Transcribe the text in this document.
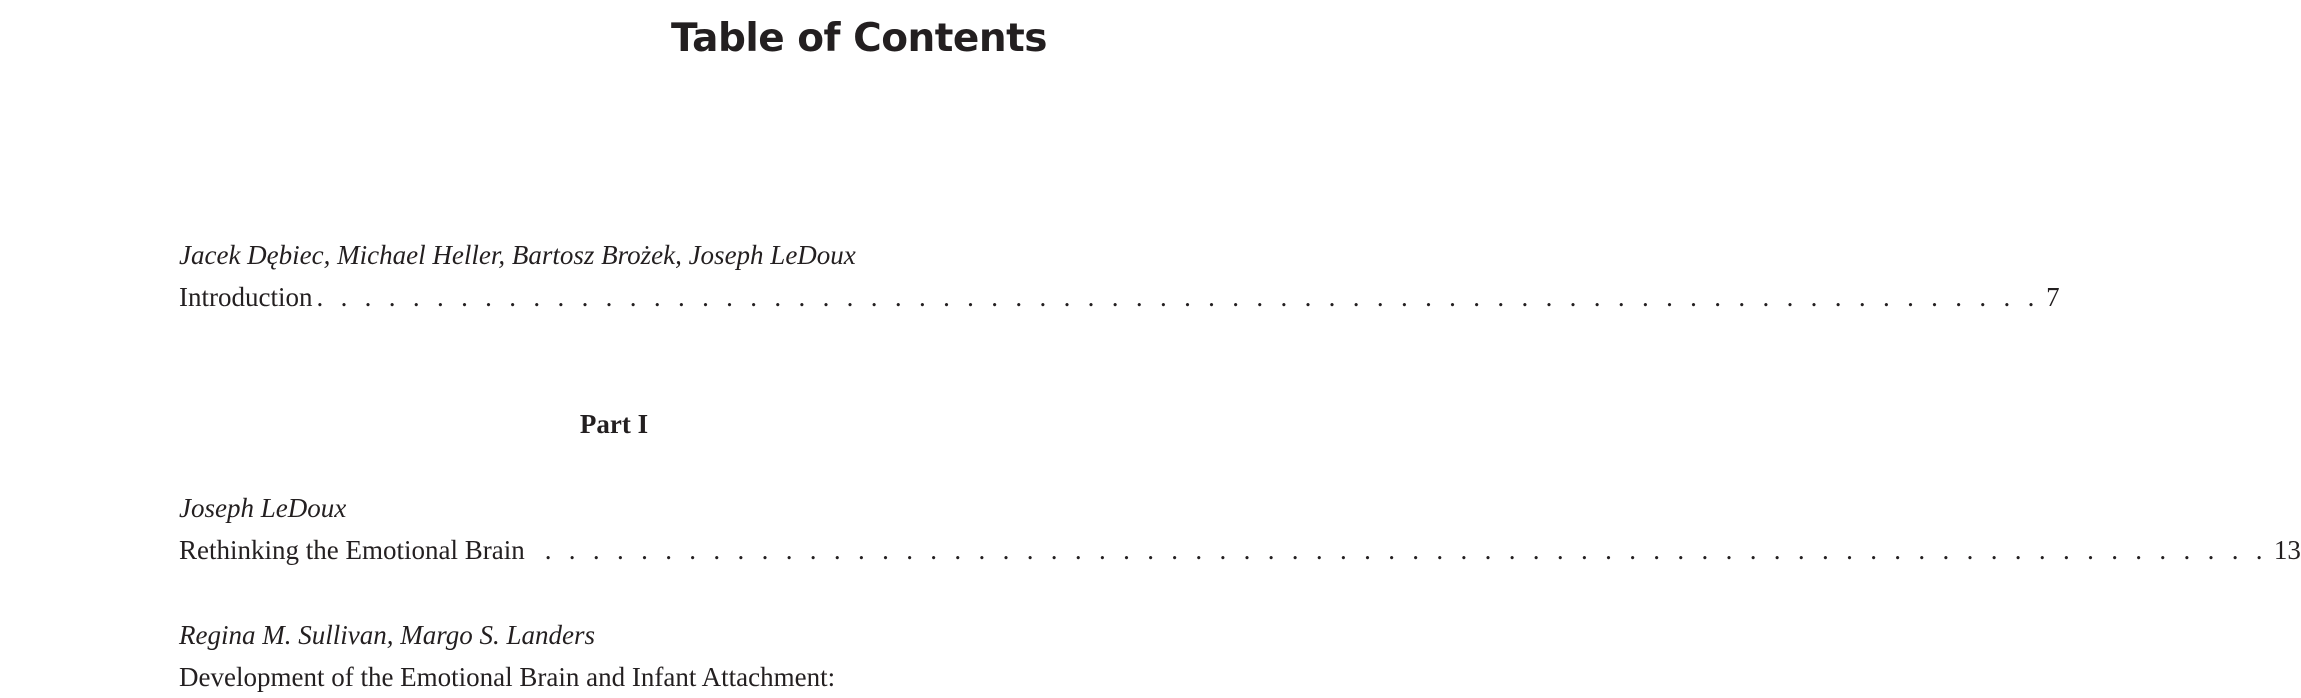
Table of Contents
Jacek Dębiec, Michael Heller, Bartosz Brożek, Joseph LeDoux
Introduction . . . . . . . . . . . . . . . . . . . . . . . . . . . . . . . . . . . . . . . . . . . . . . . . . . . . . . . . . . . . . . . . . . . . . . . . 7
Part I
Joseph LeDoux
Rethinking the Emotional Brain . . . . . . . . . . . . . . . . . . . . . . . . . . . . . . . . . . . . . . . . . . . . . . . . . . . . . . . . . . . . . . . . . . . . . . . . 13
Regina M. Sullivan, Margo S. Landers
Development of the Emotional Brain and Infant Attachment:
